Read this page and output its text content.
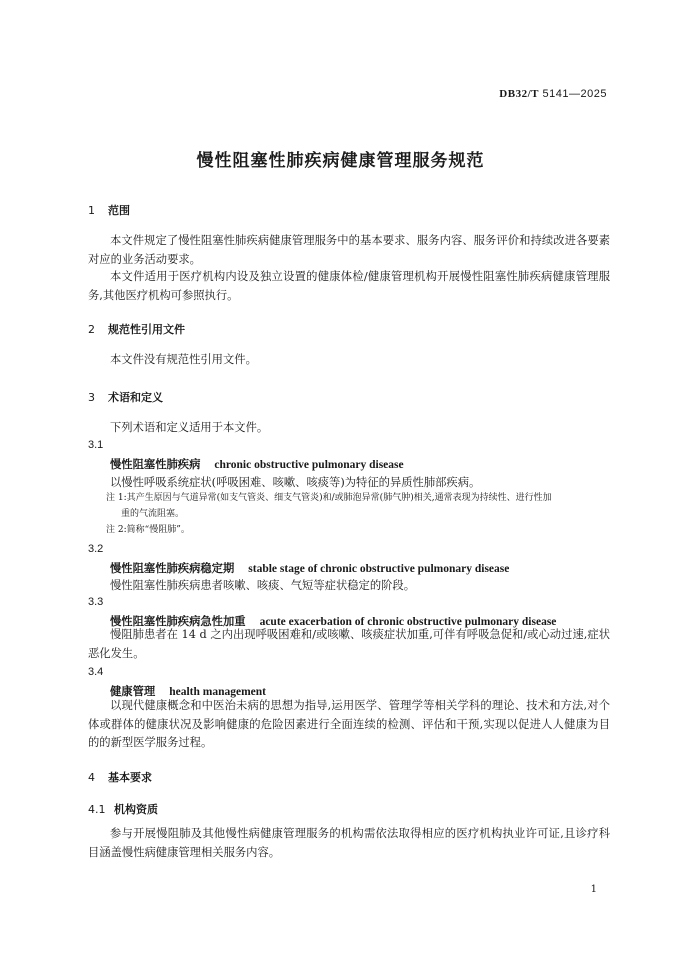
DB32/T 5141—2025
慢性阻塞性肺疾病健康管理服务规范
1 范围

本文件规定了慢性阻塞性肺疾病健康管理服务中的基本要求、服务内容、服务评价和持续改进各要素对应的业务活动要求。

本文件适用于医疗机构内设及独立设置的健康体检/健康管理机构开展慢性阻塞性肺疾病健康管理服务,其他医疗机构可参照执行。

2 规范性引用文件

本文件没有规范性引用文件。

3 术语和定义

下列术语和定义适用于本文件。

3.1
慢性阻塞性肺疾病 chronic obstructive pulmonary disease
以慢性呼吸系统症状(呼吸困难、咳嗽、咳痰等)为特征的异质性肺部疾病。

注 1:其产生原因与气道异常(如支气管炎、细支气管炎)和/或肺泡异常(肺气肿)相关,通常表现为持续性、进行性加
重的气流阻塞。

注 2:简称“慢阻肺”。

3.2
慢性阻塞性肺疾病稳定期 stable stage of chronic obstructive pulmonary disease
慢性阻塞性肺疾病患者咳嗽、咳痰、气短等症状稳定的阶段。
3.3
慢性阻塞性肺疾病急性加重 acute exacerbation of chronic obstructive pulmonary disease

慢阻肺患者在 14 d 之内出现呼吸困难和/或咳嗽、咳痰症状加重,可伴有呼吸急促和/或心动过速,症状恶化发生。

3.4
健康管理 health management

以现代健康概念和中医治未病的思想为指导,运用医学、管理学等相关学科的理论、技术和方法,对个体或群体的健康状况及影响健康的危险因素进行全面连续的检测、评估和干预,实现以促进人人健康为目的的新型医学服务过程。

4 基本要求
4.1 机构资质

参与开展慢阻肺及其他慢性病健康管理服务的机构需依法取得相应的医疗机构执业许可证,且诊疗科目涵盖慢性病健康管理相关服务内容。

1
